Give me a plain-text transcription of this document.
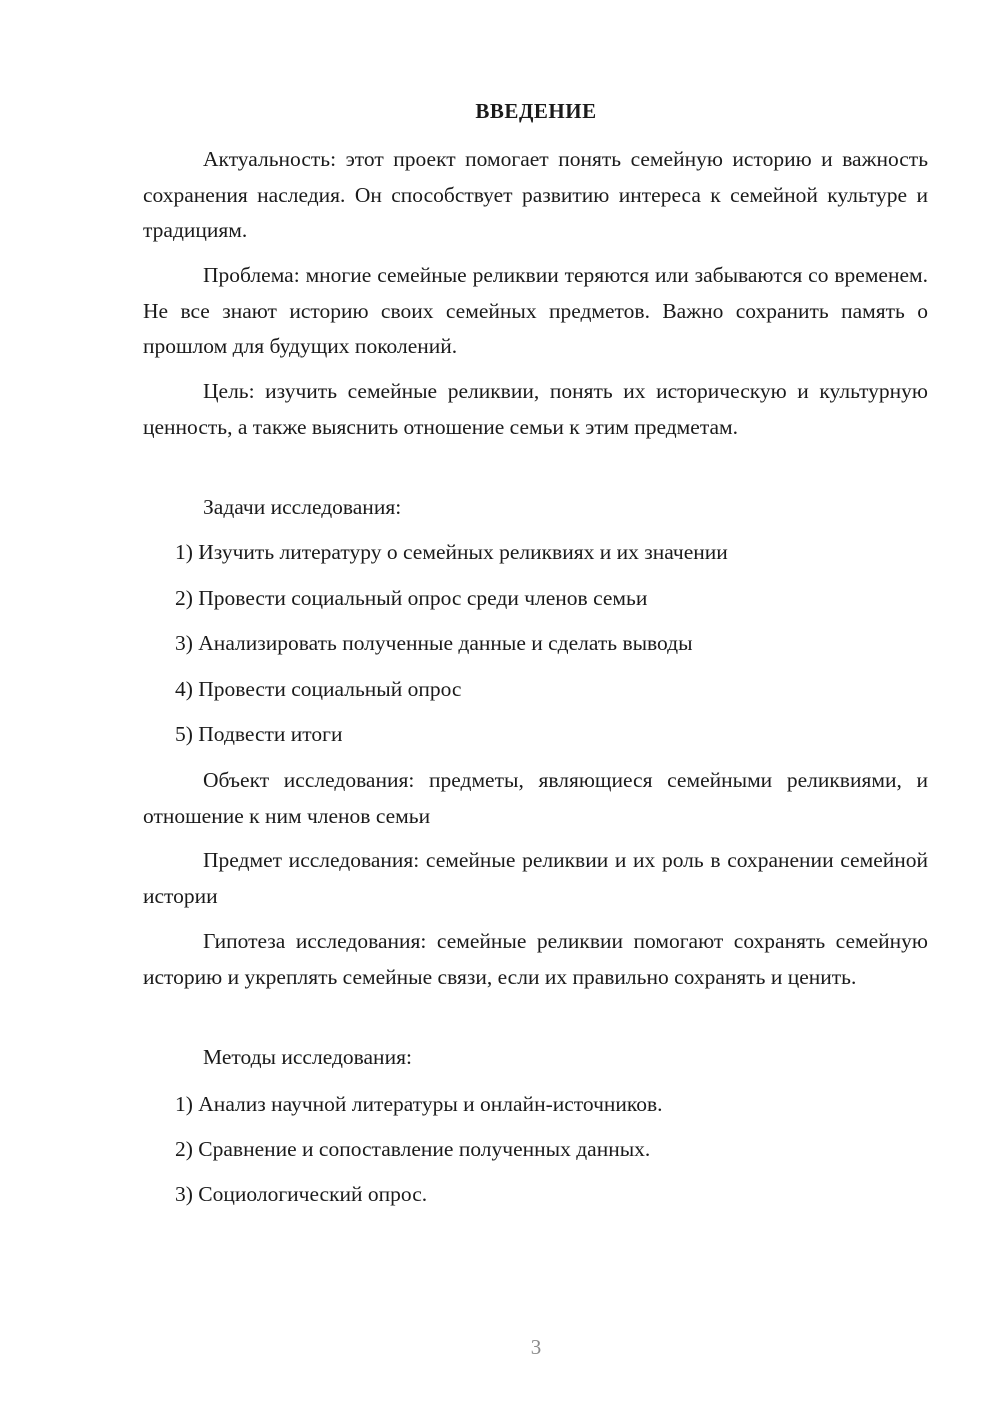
ВВЕДЕНИЕ

Актуальность: этот проект помогает понять семейную историю и важность сохранения наследия. Он способствует развитию интереса к семейной культуре и традициям.

Проблема: многие семейные реликвии теряются или забываются со временем. Не все знают историю своих семейных предметов. Важно сохранить память о прошлом для будущих поколений.

Цель: изучить семейные реликвии, понять их историческую и культурную ценность, а также выяснить отношение семьи к этим предметам.

Задачи исследования:

1) Изучить литературу о семейных реликвиях и их значении
2) Провести социальный опрос среди членов семьи
3) Анализировать полученные данные и сделать выводы
4) Провести социальный опрос
5) Подвести итоги

Объект исследования: предметы, являющиеся семейными реликвиями, и отношение к ним членов семьи

Предмет исследования: семейные реликвии и их роль в сохранении семейной истории

Гипотеза исследования: семейные реликвии помогают сохранять семейную историю и укреплять семейные связи, если их правильно сохранять и ценить.

Методы исследования:

1) Анализ научной литературы и онлайн-источников.
2) Сравнение и сопоставление полученных данных.
3) Социологический опрос.
3
